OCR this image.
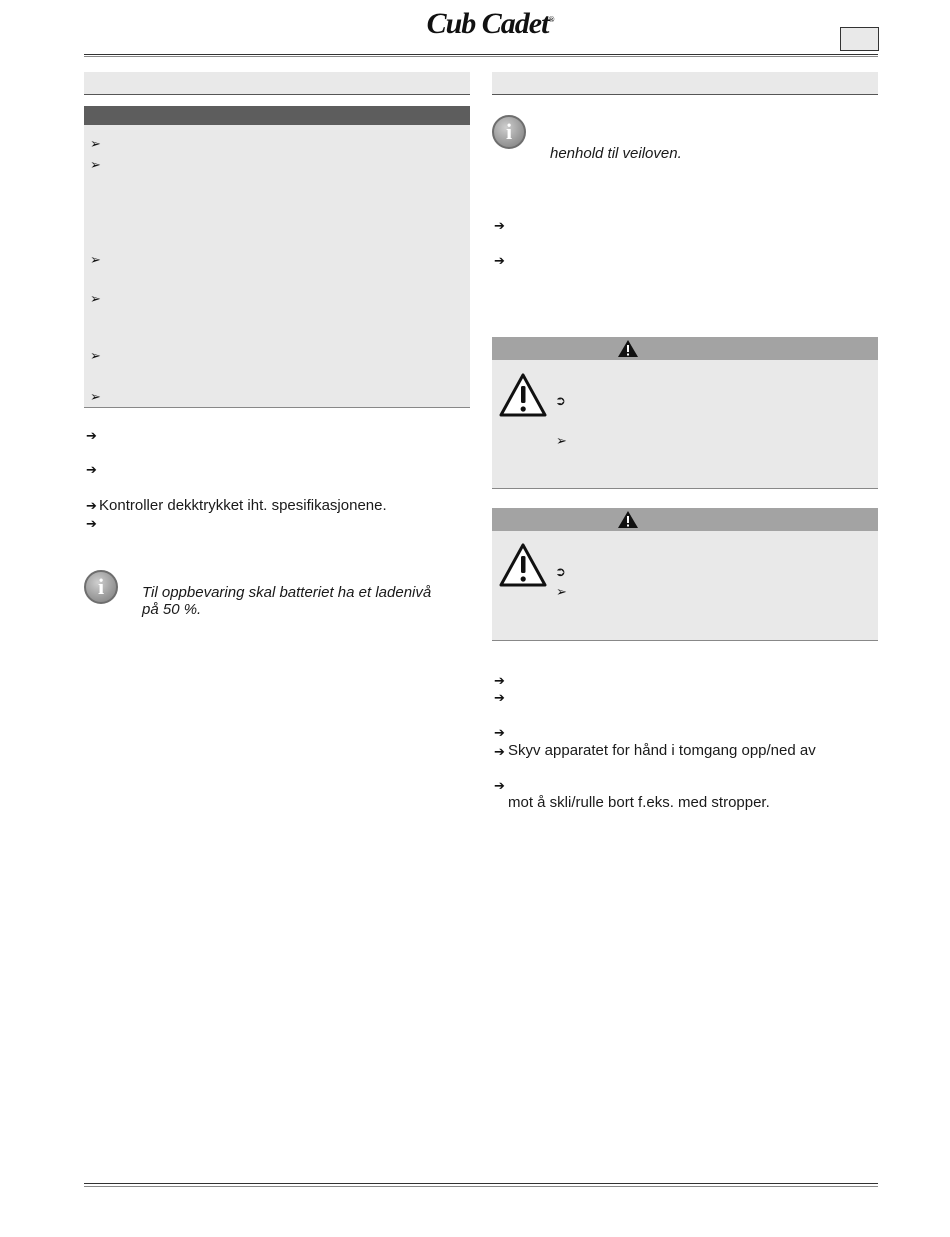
Cub Cadet®
➢
➢
➢
➢
➢
➢
➔
➔
➔ Kontroller dekktrykket iht. spesifikasjonene.
➔
i	Til oppbevaring skal batteriet ha et ladenivå
på 50 %.
i
henhold til veiloven.
➔
➔
➲
➢
➲
➢
➔
➔
➔
➔ Skyv apparatet for hånd i tomgang opp/ned av
➔
mot å skli/rulle bort f.eks. med stropper.
